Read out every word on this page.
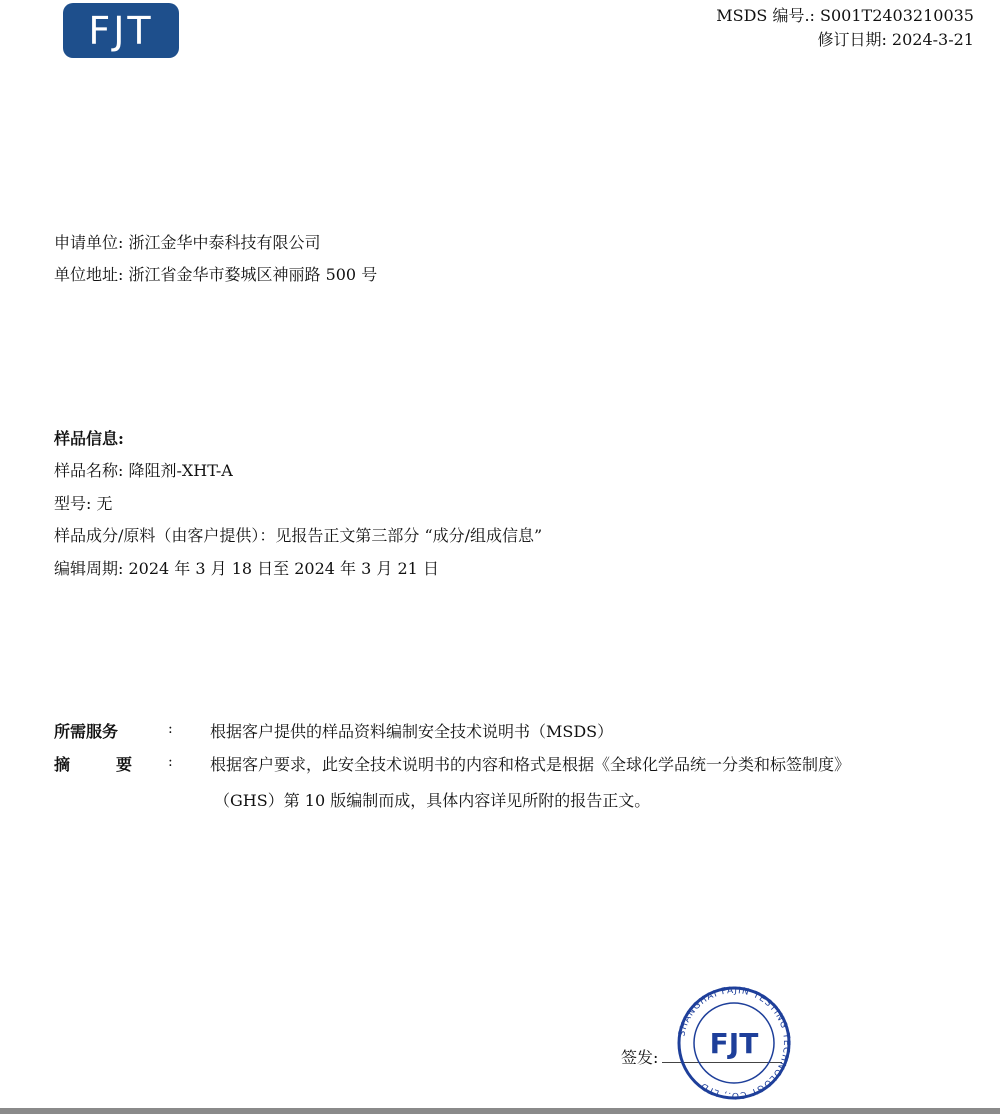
FJT	MSDS 编号.: S001T2403210035
修订日期: 2024-3-21
申请单位: 浙江金华中泰科技有限公司
单位地址: 浙江省金华市婺城区神丽路 500 号
样品信息:
样品名称: 降阻剂-XHT-A
型号: 无
样品成分/原料（由客户提供）：见报告正文第三部分 “成分/组成信息”
编辑周期: 2024 年 3 月 18 日至 2024 年 3 月 21 日
所需服务	: 根据客户提供的样品资料编制安全技术说明书（MSDS）
摘	要	: 根据客户要求，此安全技术说明书的内容和格式是根据《全球化学品统一分类和标签制度》
（GHS）第 10 版编制而成，具体内容详见所附的报告正文。
签发:
SHANGHAI FAJIN TESTING TECHNOLOGY CO., LTD
FJT
